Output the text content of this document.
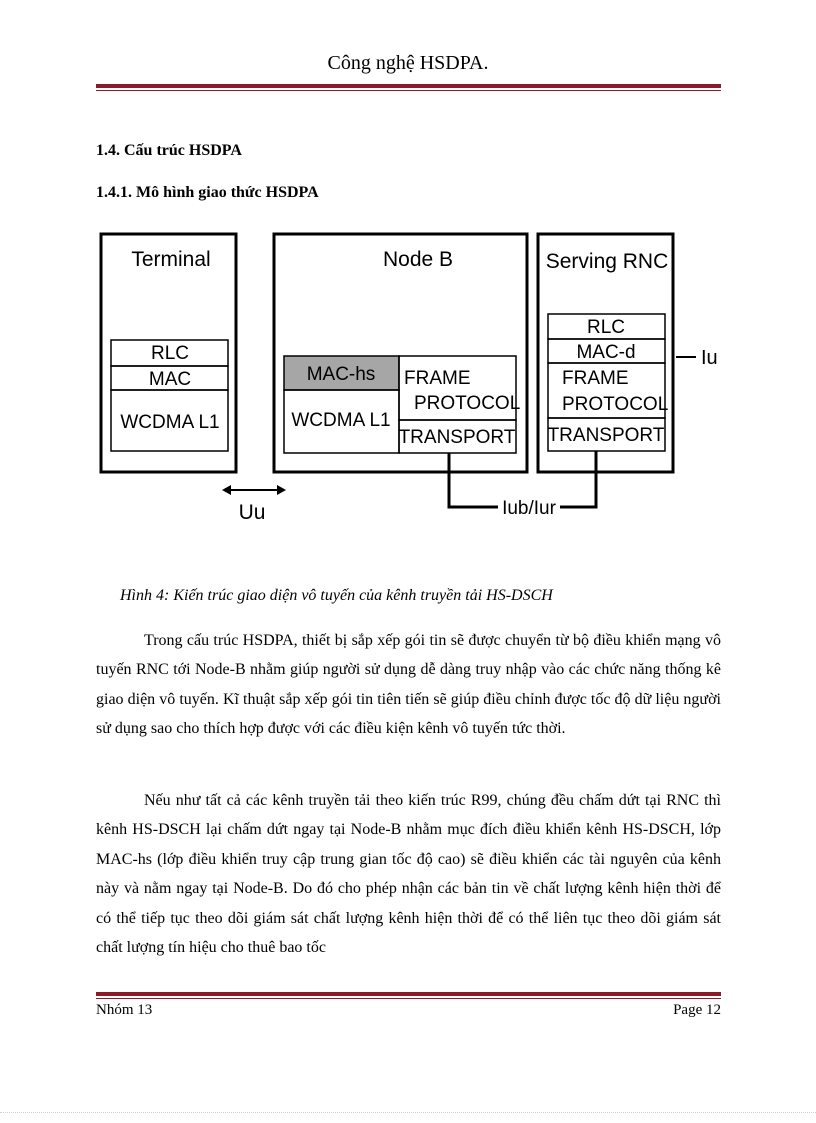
Công nghệ HSDPA.
1.4. Cấu trúc HSDPA
1.4.1. Mô hình giao thức HSDPA
Terminal
RLC
MAC
WCDMA L1
Node B
MAC-hs
WCDMA L1
FRAME
PROTOCOL
TRANSPORT
Serving RNC
RLC
MAC-d
FRAME
PROTOCOL
TRANSPORT
Iu
Uu	Iub/Iur
Hình 4: Kiến trúc giao diện vô tuyến của kênh truyền tải HS-DSCH
Trong cấu trúc HSDPA, thiết bị sắp xếp gói tin sẽ được chuyển từ bộ điều khiển mạng vô tuyến RNC tới Node-B nhằm giúp người sử dụng dễ dàng truy nhập vào các chức năng thống kê giao diện vô tuyến. Kĩ thuật sắp xếp gói tin tiên tiến sẽ giúp điều chỉnh được tốc độ dữ liệu người sử dụng sao cho thích hợp được với các điều kiện kênh vô tuyến tức thời.
Nếu như tất cả các kênh truyền tải theo kiến trúc R99, chúng đều chấm dứt tại RNC thì kênh HS-DSCH lại chấm dứt ngay tại Node-B nhằm mục đích điều khiển kênh HS-DSCH, lớp MAC-hs (lớp điều khiển truy cập trung gian tốc độ cao) sẽ điều khiển các tài nguyên của kênh này và nằm ngay tại Node-B. Do đó cho phép nhận các bản tin về chất lượng kênh hiện thời để có thể tiếp tục theo dõi giám sát chất lượng kênh hiện thời để có thể liên tục theo dõi giám sát chất lượng tín hiệu cho thuê bao tốc
Nhóm 13	Page 12
